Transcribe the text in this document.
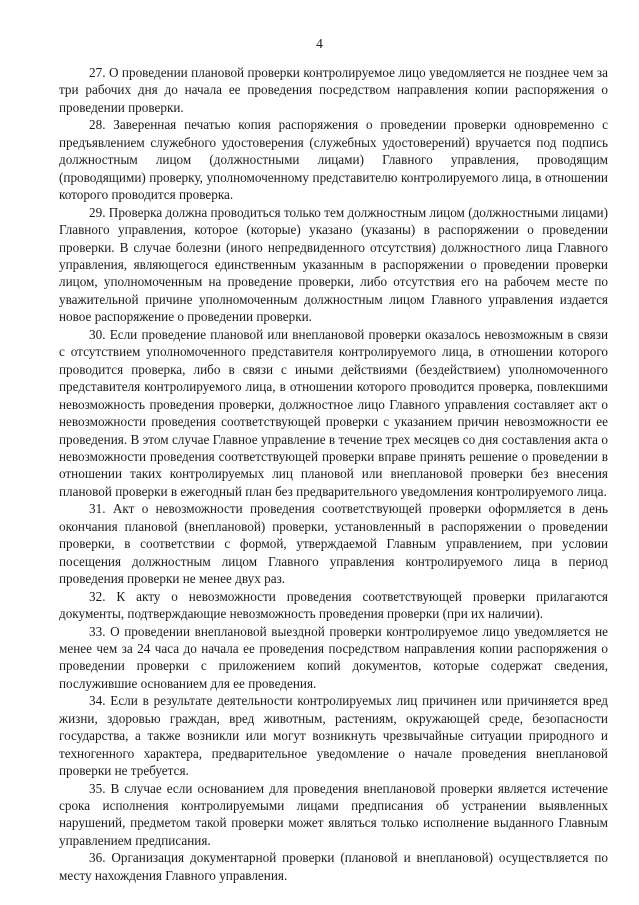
4

27. О проведении плановой проверки контролируемое лицо уведомляется не позднее чем за три рабочих дня до начала ее проведения посредством направления копии распоряжения о проведении проверки.

28. Заверенная печатью копия распоряжения о проведении проверки одновременно с предъявлением служебного удостоверения (служебных удостоверений) вручается под подпись должностным лицом (должностными лицами) Главного управления, проводящим (проводящими) проверку, уполномоченному представителю контролируемого лица, в отношении которого проводится проверка.

29. Проверка должна проводиться только тем должностным лицом (должностными лицами) Главного управления, которое (которые) указано (указаны) в распоряжении о проведении проверки. В случае болезни (иного непредвиденного отсутствия) должностного лица Главного управления, являющегося единственным указанным в распоряжении о проведении проверки лицом, уполномоченным на проведение проверки, либо отсутствия его на рабочем месте по уважительной причине уполномоченным должностным лицом Главного управления издается новое распоряжение о проведении проверки.

30. Если проведение плановой или внеплановой проверки оказалось невозможным в связи с отсутствием уполномоченного представителя контролируемого лица, в отношении которого проводится проверка, либо в связи с иными действиями (бездействием) уполномоченного представителя контролируемого лица, в отношении которого проводится проверка, повлекшими невозможность проведения проверки, должностное лицо Главного управления составляет акт о невозможности проведения соответствующей проверки с указанием причин невозможности ее проведения. В этом случае Главное управление в течение трех месяцев со дня составления акта о невозможности проведения соответствующей проверки вправе принять решение о проведении в отношении таких контролируемых лиц плановой или внеплановой проверки без внесения плановой проверки в ежегодный план без предварительного уведомления контролируемого лица.

31. Акт о невозможности проведения соответствующей проверки оформляется в день окончания плановой (внеплановой) проверки, установленный в распоряжении о проведении проверки, в соответствии с формой, утверждаемой Главным управлением, при условии посещения должностным лицом Главного управления контролируемого лица в период проведения проверки не менее двух раз.

32. К акту о невозможности проведения соответствующей проверки прилагаются документы, подтверждающие невозможность проведения проверки (при их наличии).

33. О проведении внеплановой выездной проверки контролируемое лицо уведомляется не менее чем за 24 часа до начала ее проведения посредством направления копии распоряжения о проведении проверки с приложением копий документов, которые содержат сведения, послужившие основанием для ее проведения.

34. Если в результате деятельности контролируемых лиц причинен или причиняется вред жизни, здоровью граждан, вред животным, растениям, окружающей среде, безопасности государства, а также возникли или могут возникнуть чрезвычайные ситуации природного и техногенного характера, предварительное уведомление о начале проведения внеплановой проверки не требуется.

35. В случае если основанием для проведения внеплановой проверки является истечение срока исполнения контролируемыми лицами предписания об устранении выявленных нарушений, предметом такой проверки может являться только исполнение выданного Главным управлением предписания.

36. Организация документарной проверки (плановой и внеплановой) осуществляется по месту нахождения Главного управления.
